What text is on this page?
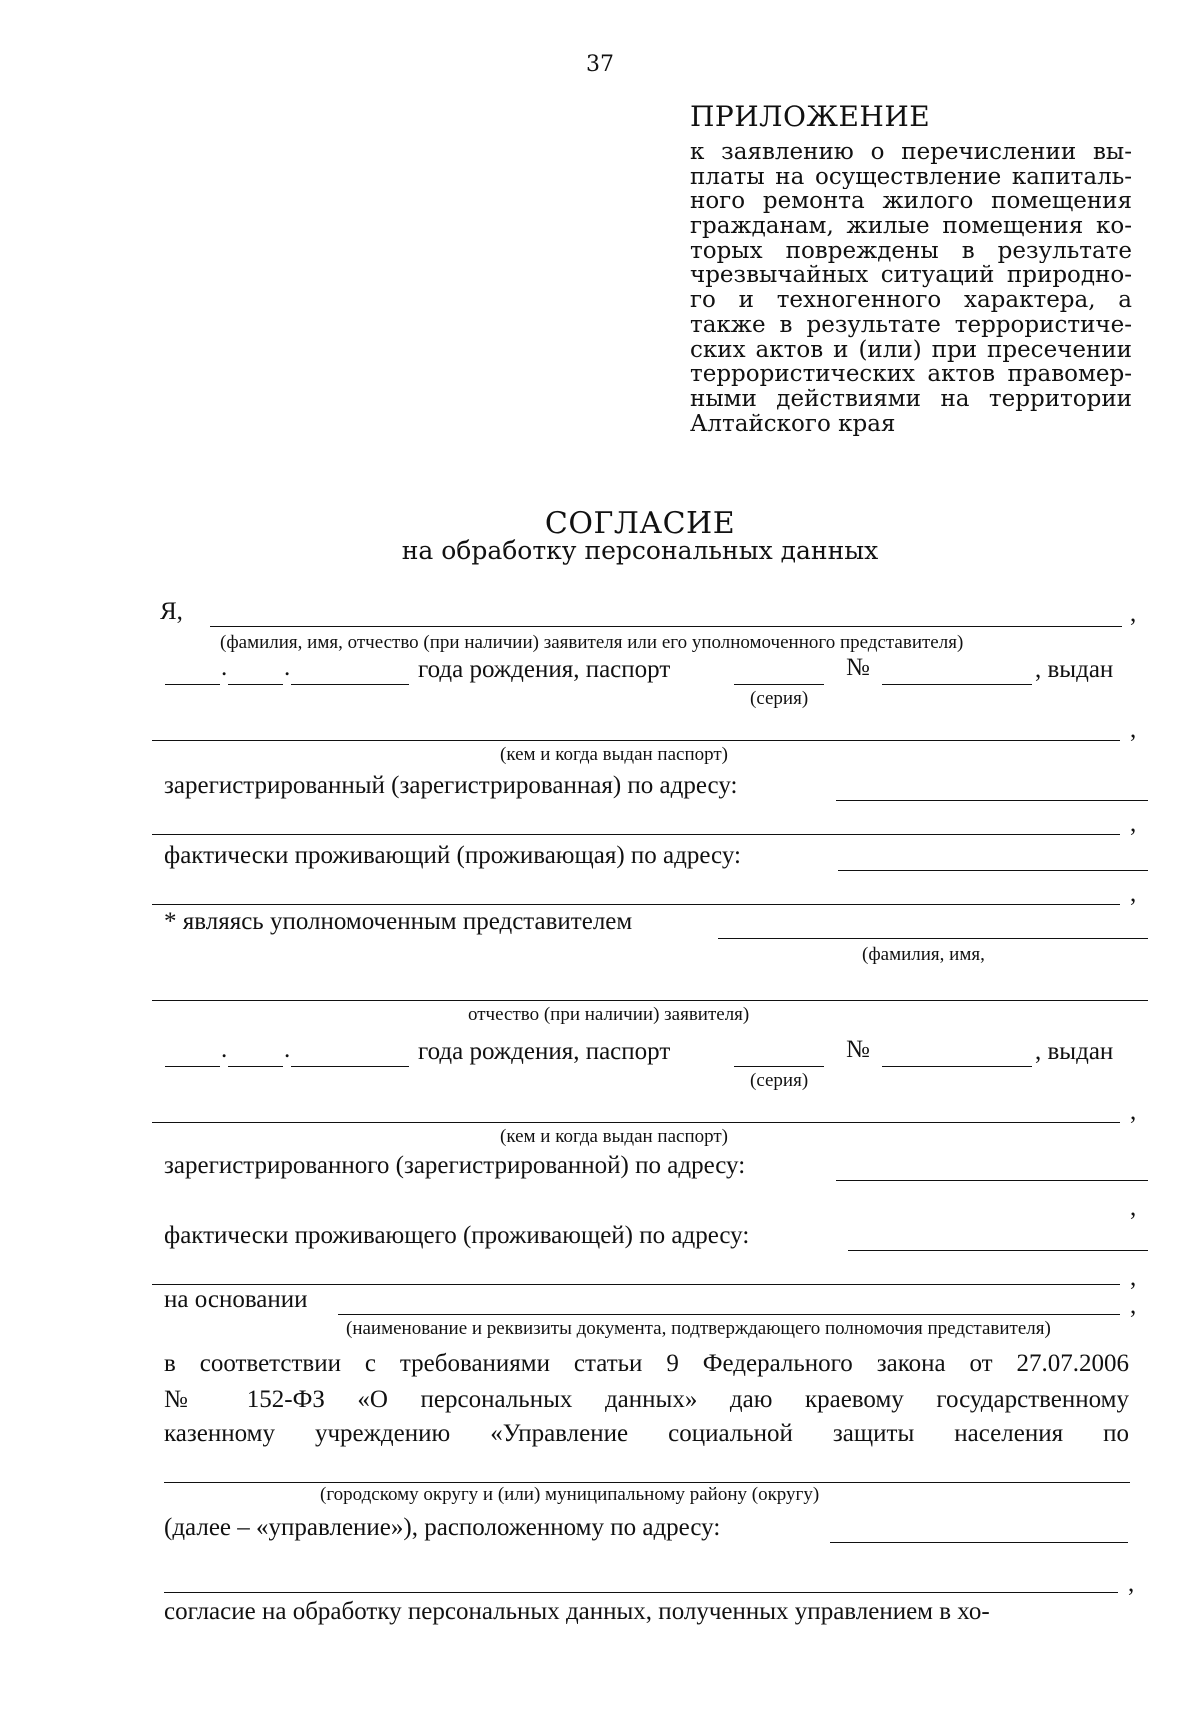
37
ПРИЛОЖЕНИЕ
к заявлению о перечислении вы-
платы на осуществление капиталь-
ного ремонта жилого помещения
гражданам, жилые помещения ко-
торых повреждены в результате
чрезвычайных ситуаций природно-
го и техногенного характера, а
также в результате террористиче-
ских актов и (или) при пресечении
террористических актов правомер-
ными действиями на территории
Алтайского края
СОГЛАСИЕ
на обработку персональных данных
Я,	,
(фамилия, имя, отчество (при наличии) заявителя или его уполномоченного представителя)
. .	года рождения, паспорт	№	, выдан
(серия)
,
(кем и когда выдан паспорт)
зарегистрированный (зарегистрированная) по адресу:
,
фактически проживающий (проживающая) по адресу:
,
* являясь уполномоченным представителем
(фамилия, имя,
отчество (при наличии) заявителя)
. .	года рождения, паспорт	№	, выдан
(серия)
,
(кем и когда выдан паспорт)
зарегистрированного (зарегистрированной) по адресу:
,
фактически проживающего (проживающей) по адресу:
,
на основании	,
(наименование и реквизиты документа, подтверждающего полномочия представителя)
в соответствии с требованиями статьи 9 Федерального закона от 27.07.2006
№ 152-ФЗ «О персональных данных» даю краевому государственному
казенному учреждению «Управление социальной защиты населения по
(городскому округу и (или) муниципальному району (округу)
(далее – «управление»), расположенному по адресу:
,
согласие на обработку персональных данных, полученных управлением в хо-
